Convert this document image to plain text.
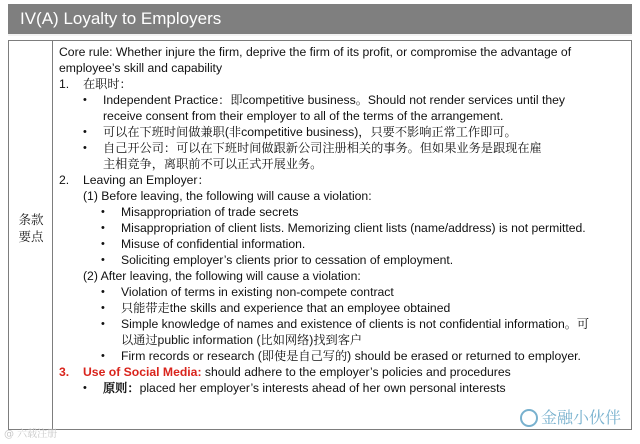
IV(A) Loyalty to Employers
条款
要点

Core rule: Whether injure the firm, deprive the firm of its profit, or compromise the advantage of

employee’s skill and capability

1.	在职时：
•	Independent Practice：即competitive business。Should not render services until they
receive consent from their employer to all of the terms of the arrangement.
•	可以在下班时间做兼职(非competitive business)，只要不影响正常工作即可。
•	自己开公司：可以在下班时间做跟新公司注册相关的事务。但如果业务是跟现在雇
主相竞争，离职前不可以正式开展业务。
2.	Leaving an Employer：
(1) Before leaving, the following will cause a violation:
•	Misappropriation of trade secrets
•	Misappropriation of client lists. Memorizing client lists (name/address) is not permitted.
•	Misuse of confidential information.
•	Soliciting employer’s clients prior to cessation of employment.
(2) After leaving, the following will cause a violation:
•	Violation of terms in existing non-compete contract
•	只能带走the skills and experience that an employee obtained
•	Simple knowledge of names and existence of clients is not confidential information。可
以通过public information (比如网络)找到客户
•	Firm records or research (即使是自己写的) should be erased or returned to employer.
3.	Use of Social Media: should adhere to the employer’s policies and procedures
•	原则：placed her employer’s interests ahead of her own personal interests
@ 六载注册
金融小伙伴
